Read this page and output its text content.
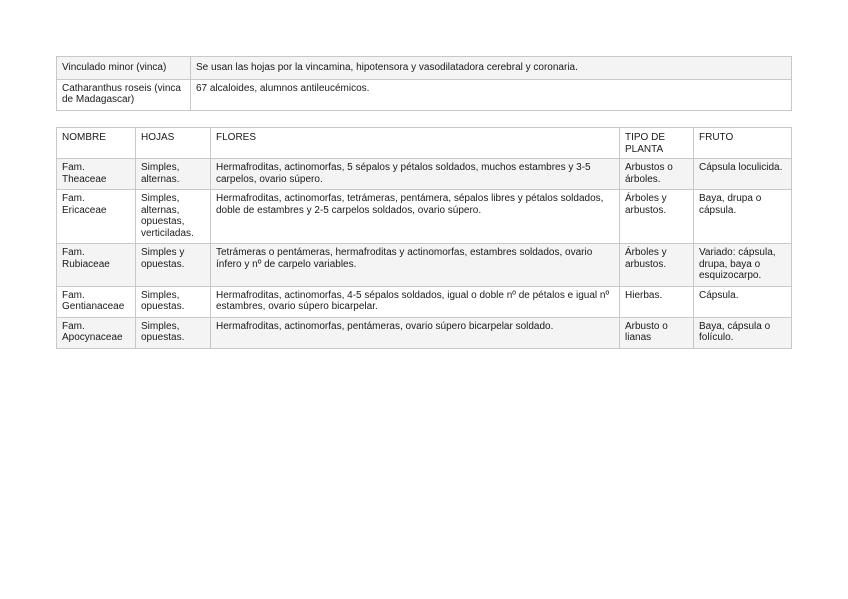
Vinculado minor (vinca)	Se usan las hojas por la vincamina, hipotensora y vasodilatadora cerebral y coronaria.
Catharanthus roseis (vinca de Madagascar)	67 alcaloides, alumnos antileucémicos.
NOMBRE	HOJAS	FLORES	TIPO DE PLANTA	FRUTO
Fam. Theaceae	Simples, alternas.	Hermafroditas, actinomorfas, 5 sépalos y pétalos soldados, muchos estambres y 3-5 carpelos, ovario súpero.	Arbustos o árboles.	Cápsula loculicida.
Fam. Ericaceae	Simples, alternas, opuestas, verticiladas.	Hermafroditas, actinomorfas, tetrámeras, pentámera, sépalos libres y pétalos soldados, doble de estambres y 2-5 carpelos soldados, ovario súpero.	Árboles y arbustos.	Baya, drupa o cápsula.
Fam. Rubiaceae	Simples y opuestas.	Tetrámeras o pentámeras, hermafroditas y actinomorfas, estambres soldados, ovario ínfero y nº de carpelo variables.	Árboles y arbustos.	Variado: cápsula, drupa, baya o esquizocarpo.
Fam. Gentianaceae	Simples, opuestas.	Hermafroditas, actinomorfas, 4-5 sépalos soldados, igual o doble nº de pétalos e igual nº estambres, ovario súpero bicarpelar.	Hierbas.	Cápsula.
Fam. Apocynaceae	Simples, opuestas.	Hermafroditas, actinomorfas, pentámeras, ovario súpero bicarpelar soldado.	Arbusto o lianas	Baya, cápsula o folículo.
